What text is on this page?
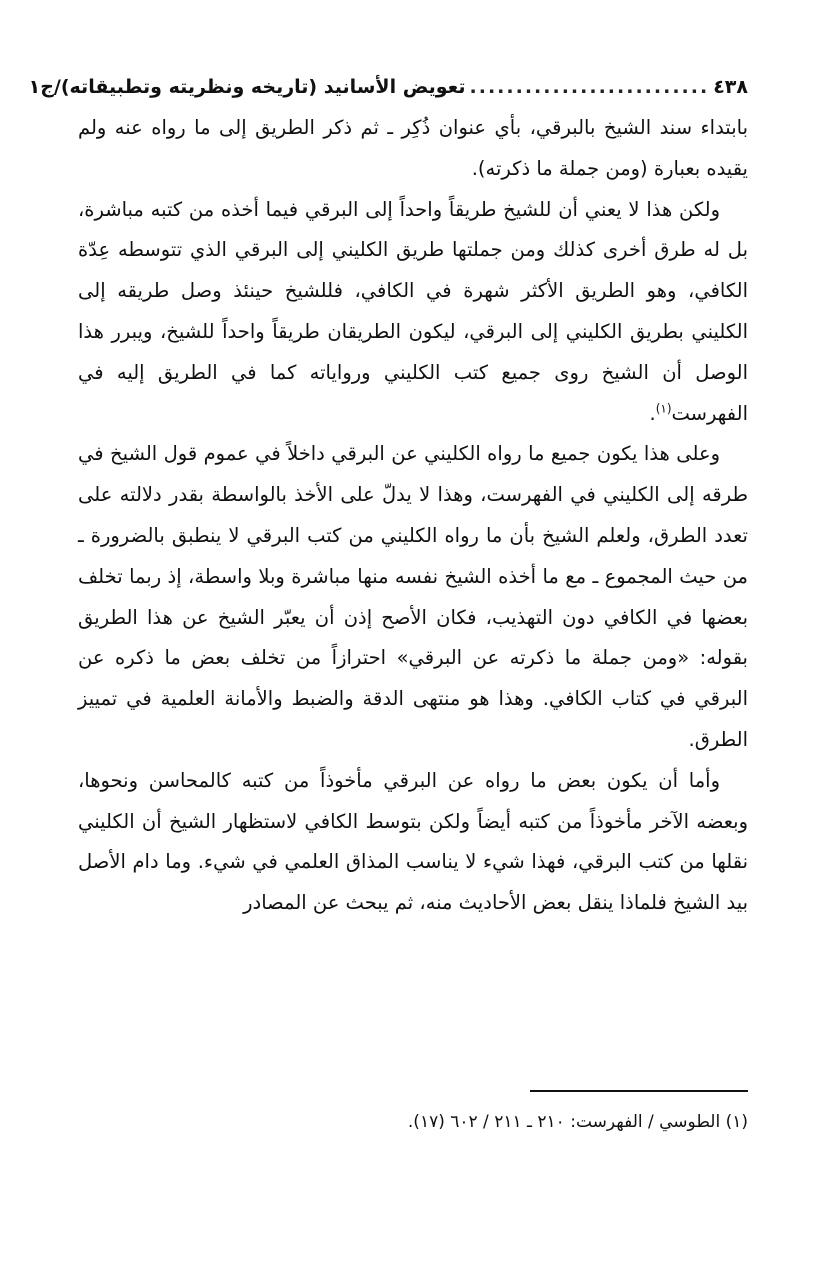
٤٣٨
..........................
تعويض الأسانيد (تاريخه ونظريته وتطبيقاته)/ج١

بابتداء سند الشيخ بالبرقي، بأي عنوان ذُكِر ـ ثم ذكر الطريق إلى ما رواه عنه ولم يقيده بعبارة (ومن جملة ما ذكرته).

ولكن هذا لا يعني أن للشيخ طريقاً واحداً إلى البرقي فيما أخذه من كتبه مباشرة، بل له طرق أخرى كذلك ومن جملتها طريق الكليني إلى البرقي الذي تتوسطه عِدّة الكافي، وهو الطريق الأكثر شهرة في الكافي، فللشيخ حينئذ وصل طريقه إلى الكليني بطريق الكليني إلى البرقي، ليكون الطريقان طريقاً واحداً للشيخ، ويبرر هذا الوصل أن الشيخ روى جميع كتب الكليني ورواياته كما في الطريق إليه في الفهرست$^{(١)}$.

وعلى هذا يكون جميع ما رواه الكليني عن البرقي داخلاً في عموم قول الشيخ في طرقه إلى الكليني في الفهرست، وهذا لا يدلّ على الأخذ بالواسطة بقدر دلالته على تعدد الطرق، ولعلم الشيخ بأن ما رواه الكليني من كتب البرقي لا ينطبق بالضرورة ـ من حيث المجموع ـ مع ما أخذه الشيخ نفسه منها مباشرة وبلا واسطة، إذ ربما تخلف بعضها في الكافي دون التهذيب، فكان الأصح إذن أن يعبّر الشيخ عن هذا الطريق بقوله: «ومن جملة ما ذكرته عن البرقي» احترازاً من تخلف بعض ما ذكره عن البرقي في كتاب الكافي. وهذا هو منتهى الدقة والضبط والأمانة العلمية في تمييز الطرق.

وأما أن يكون بعض ما رواه عن البرقي مأخوذاً من كتبه كالمحاسن ونحوها، وبعضه الآخر مأخوذاً من كتبه أيضاً ولكن بتوسط الكافي لاستظهار الشيخ أن الكليني نقلها من كتب البرقي، فهذا شيء لا يناسب المذاق العلمي في شيء. وما دام الأصل بيد الشيخ فلماذا ينقل بعض الأحاديث منه، ثم يبحث عن المصادر

(١) الطوسي / الفهرست: ٢١٠ ـ ٢١١ / ٦٠٢ (١٧).
